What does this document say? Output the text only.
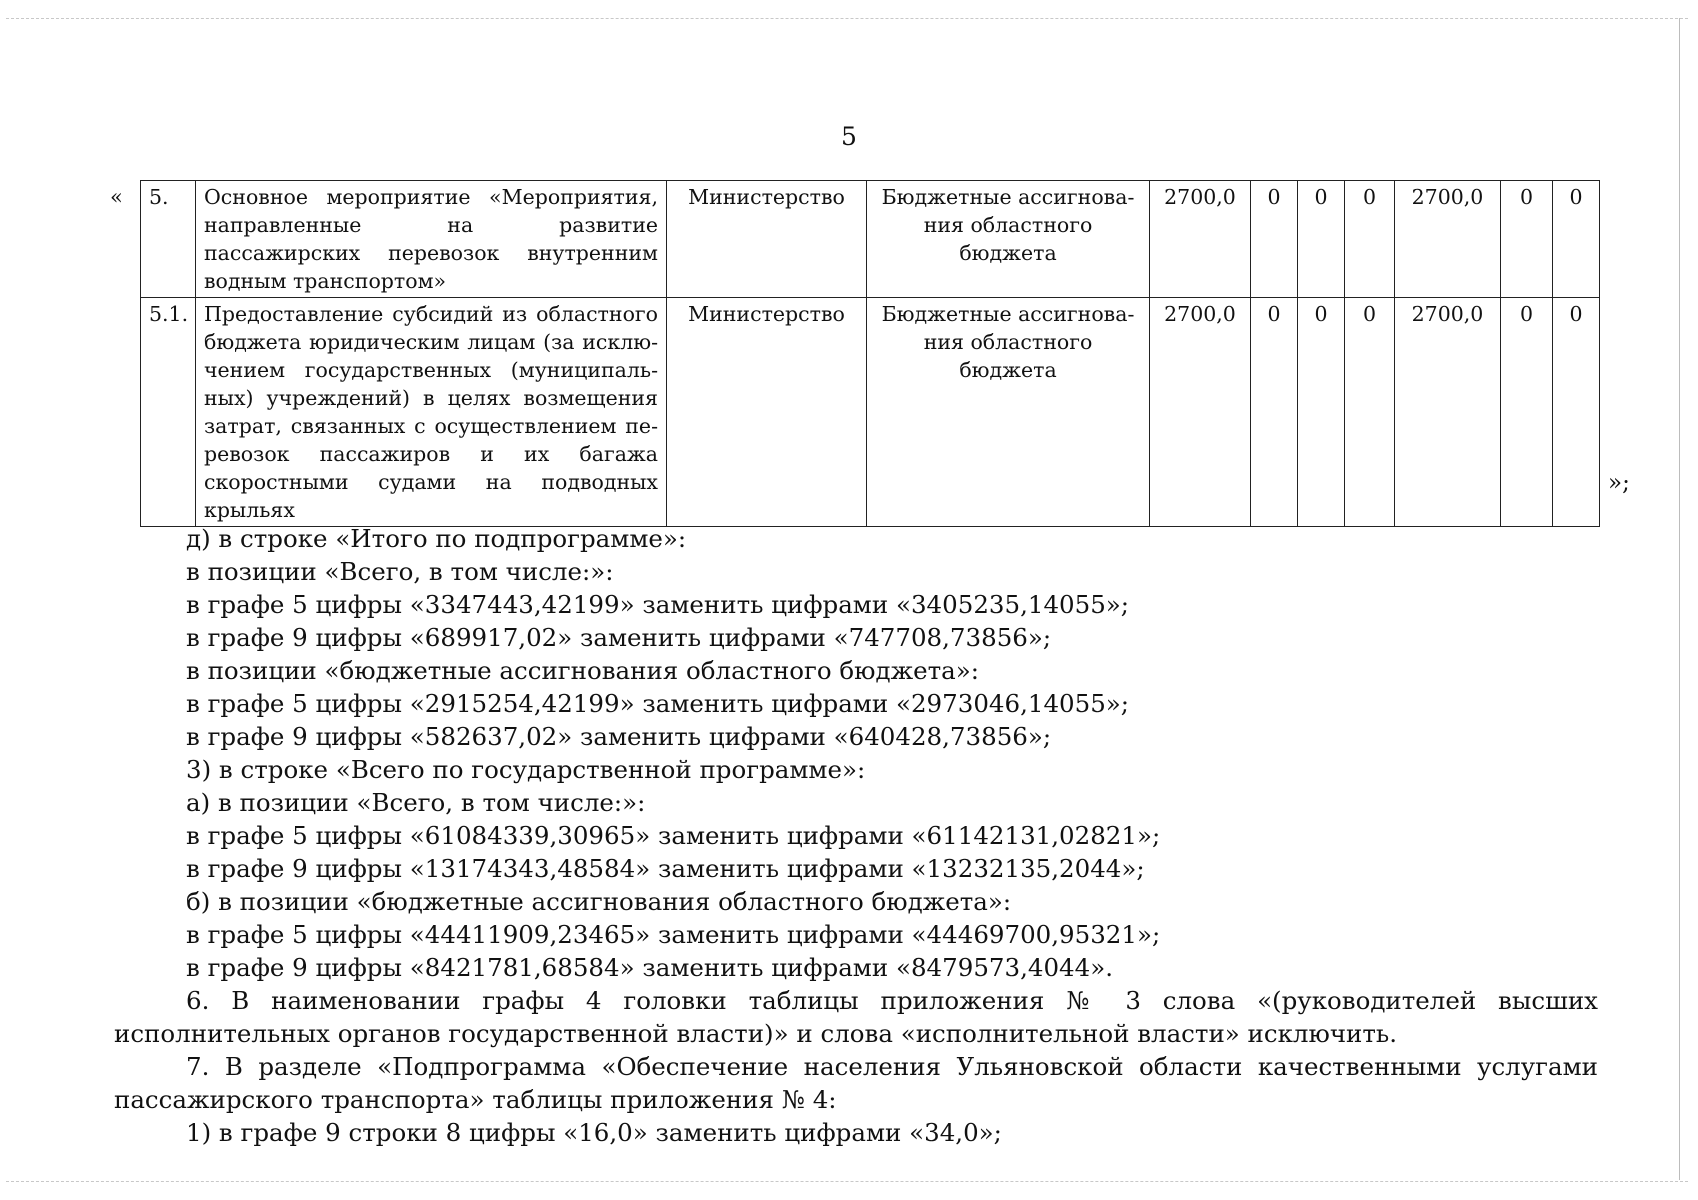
5
« 5.	Основное мероприятие «Мероприятия, направленные на развитие пассажирских перевозок внутренним водным транспортом»	Министерство	Бюджетные ассигнования областного бюджета	2700,0	0	0	0	2700,0	0	0
5.1.	Предоставление субсидий из областного бюджета юридическим лицам (за исключением государственных (муниципальных) учреждений) в целях возмещения затрат, связанных с осуществлением перевозок пассажиров и их багажа скоростными судами на подводных крыльях	Министерство	Бюджетные ассигнования областного бюджета	2700,0	0	0	0	2700,0	0	0
»;

д) в строке «Итого по подпрограмме»:

в позиции «Всего, в том числе:»:

в графе 5 цифры «3347443,42199» заменить цифрами «3405235,14055»;

в графе 9 цифры «689917,02» заменить цифрами «747708,73856»;

в позиции «бюджетные ассигнования областного бюджета»:

в графе 5 цифры «2915254,42199» заменить цифрами «2973046,14055»;

в графе 9 цифры «582637,02» заменить цифрами «640428,73856»;

3) в строке «Всего по государственной программе»:

а) в позиции «Всего, в том числе:»:

в графе 5 цифры «61084339,30965» заменить цифрами «61142131,02821»;

в графе 9 цифры «13174343,48584» заменить цифрами «13232135,2044»;

б) в позиции «бюджетные ассигнования областного бюджета»:

в графе 5 цифры «44411909,23465» заменить цифрами «44469700,95321»;

в графе 9 цифры «8421781,68584» заменить цифрами «8479573,4044».

6. В наименовании графы 4 головки таблицы приложения № 3 слова «(руководителей высших исполнительных органов государственной власти)» и слова «исполнительной власти» исключить.

7. В разделе «Подпрограмма «Обеспечение населения Ульяновской области качественными услугами пассажирского транспорта» таблицы приложения № 4:

1) в графе 9 строки 8 цифры «16,0» заменить цифрами «34,0»;
